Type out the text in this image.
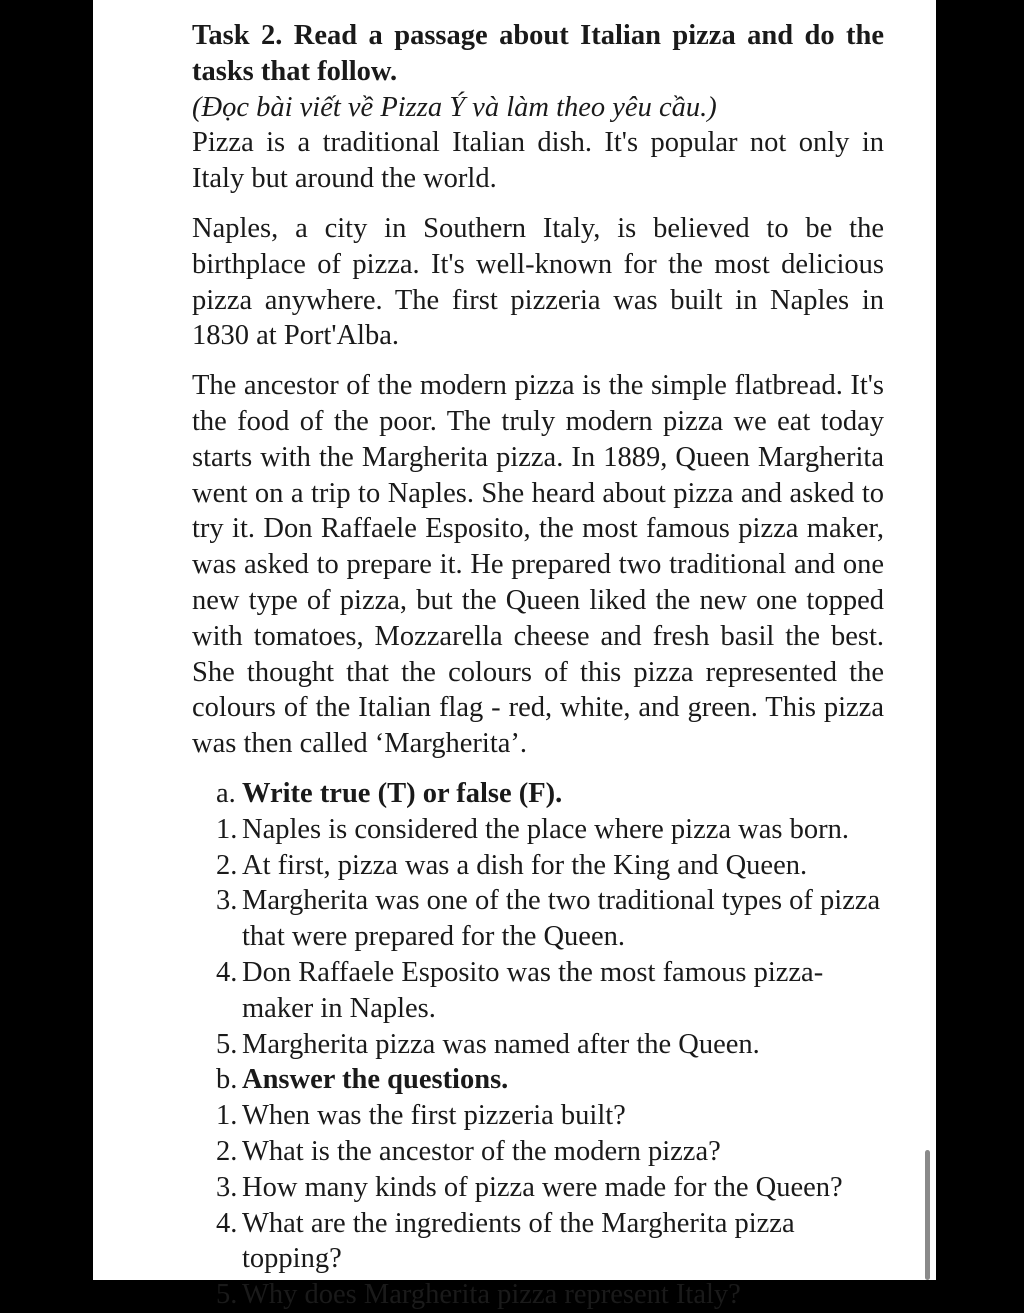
Task 2. Read a passage about Italian pizza and do the tasks that follow.

(Đọc bài viết về Pizza Ý và làm theo yêu cầu.)

Pizza is a traditional Italian dish. It's popular not only in Italy but around the world.

Naples, a city in Southern Italy, is believed to be the birthplace of pizza. It's well-known for the most delicious pizza anywhere. The first pizzeria was built in Naples in 1830 at Port'Alba.

The ancestor of the modern pizza is the simple flatbread. It's the food of the poor. The truly modern pizza we eat today starts with the Margherita pizza. In 1889, Queen Margherita went on a trip to Naples. She heard about pizza and asked to try it. Don Raffaele Esposito, the most famous pizza maker, was asked to prepare it. He prepared two traditional and one new type of pizza, but the Queen liked the new one topped with tomatoes, Mozzarella cheese and fresh basil the best. She thought that the colours of this pizza represented the colours of the Italian flag - red, white, and green. This pizza was then called ‘Margherita’.

a. Write true (T) or false (F).
1. Naples is considered the place where pizza was born.
2. At first, pizza was a dish for the King and Queen.
3. Margherita was one of the two traditional types of pizza that were prepared for the Queen.
4. Don Raffaele Esposito was the most famous pizza-maker in Naples.
5. Margherita pizza was named after the Queen.
b. Answer the questions.
1. When was the first pizzeria built?
2. What is the ancestor of the modern pizza?
3. How many kinds of pizza were made for the Queen?
4. What are the ingredients of the Margherita pizza topping?
5. Why does Margherita pizza represent Italy?
